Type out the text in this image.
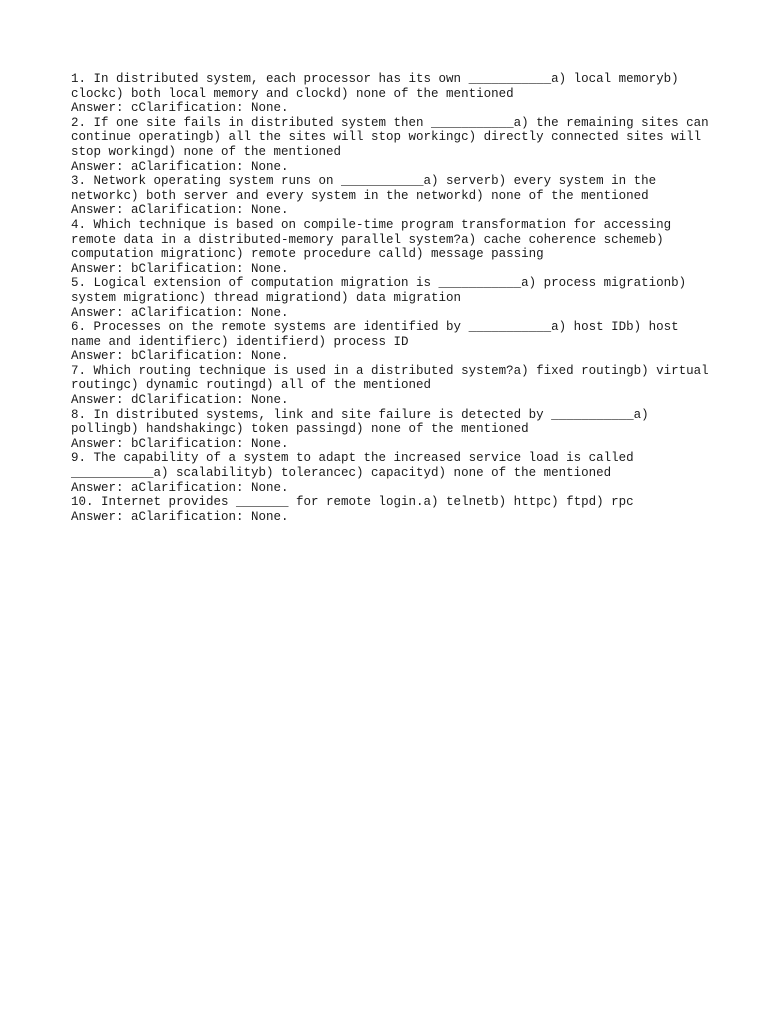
1. In distributed system, each processor has its own ___________a) local memoryb) clockc) both local memory and clockd) none of the mentioned

Answer: cClarification: None.

2. If one site fails in distributed system then ___________a) the remaining sites can continue operatingb) all the sites will stop workingc) directly connected sites will stop workingd) none of the mentioned

Answer: aClarification: None.

3. Network operating system runs on ___________a) serverb) every system in the networkc) both server and every system in the networkd) none of the mentioned

Answer: aClarification: None.

4. Which technique is based on compile-time program transformation for accessing remote data in a distributed-memory parallel system?a) cache coherence schemeb) computation migrationc) remote procedure calld) message passing

Answer: bClarification: None.

5. Logical extension of computation migration is ___________a) process migrationb) system migrationc) thread migrationd) data migration

Answer: aClarification: None.

6. Processes on the remote systems are identified by ___________a) host IDb) host name and identifierc) identifierd) process ID

Answer: bClarification: None.

7. Which routing technique is used in a distributed system?a) fixed routingb) virtual routingc) dynamic routingd) all of the mentioned

Answer: dClarification: None.

8. In distributed systems, link and site failure is detected by ___________a) pollingb) handshakingc) token passingd) none of the mentioned

Answer: bClarification: None.

9. The capability of a system to adapt the increased service load is called ___________a) scalabilityb) tolerancec) capacityd) none of the mentioned

Answer: aClarification: None.

10. Internet provides _______ for remote login.a) telnetb) httpc) ftpd) rpc

Answer: aClarification: None.
